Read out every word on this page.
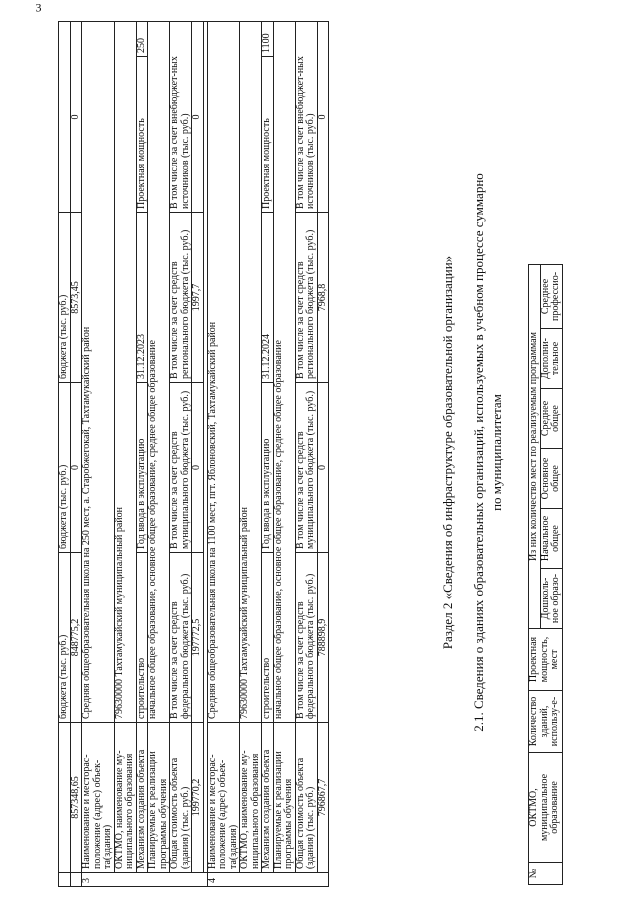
3
		бюджета (тыс. руб.)	бюджета (тыс. руб.)	бюджета (тыс. руб.)	
	857348,65	848775,2	0	8573,45	0
3	Наименование и местораc-положение (адрес) объек-та(здания)	Средняя общеобразовательная школа на 250 мест, а. Старобжегокай, Тахтамукайский район
ОКТМО, наименование му-ниципального образования	79630000 Тахтамукайский муниципальный район
Механизм создания объекта	строительство	Год ввода в эксплуатацию	31.12.2023	
Проектная мощность	250

Планируемые к реализации программы обучения	начальное общее образование, основное общее образование, среднее общее образование
Общая стоимость объекта (здания) (тыс. руб.)	В том числе за счет средств федерального бюджета (тыс. руб.)	В том числе за счет средств муниципального бюджета (тыс. руб.)	В том числе за счет средств регионального бюджета (тыс. руб.)	В том числе за счет внебюджет-ных источников (тыс. руб.)
199770,2	197772,5	0	1997,7	0

4	Наименование и местораc-положение (адрес) объек-та(здания)	Средняя общеобразовательная школа на 1100 мест, пгт. Яблоновский, Тахтамукайский район
ОКТМО, наименование му-ниципального образования	79630000 Тахтамукайский муниципальный район
Механизм создания объекта	строительство	Год ввода в эксплуатацию	31.12.2024	
Проектная мощность	1100

Планируемые к реализации программы обучения	начальное общее образование, основное общее образование, среднее общее образование
Общая стоимость объекта (здания) (тыс. руб.)	В том числе за счет средств федерального бюджета (тыс. руб.)	В том числе за счет средств муниципального бюджета (тыс. руб.)	В том числе за счет средств регионального бюджета (тыс. руб.)	В том числе за счет внебюджет-ных источников (тыс. руб.)
796867,7	788898,9	0	7968,8	0
Раздел 2 «Сведения об инфраструктуре образовательной организации» 2.1. Сведения о зданиях образовательных организаций, используемых в учебном процессе суммарно по муниципалитетам
№	ОКТМО, муниципальное образование	Количество зданий, использу-е-	Проектная мощность, мест	Из них количество мест по реализуемым программам					
				Дошколь-ное образо-	Начальное общее	Основное общее	Среднее общее	Дополни-тельное	Среднее профессио-
